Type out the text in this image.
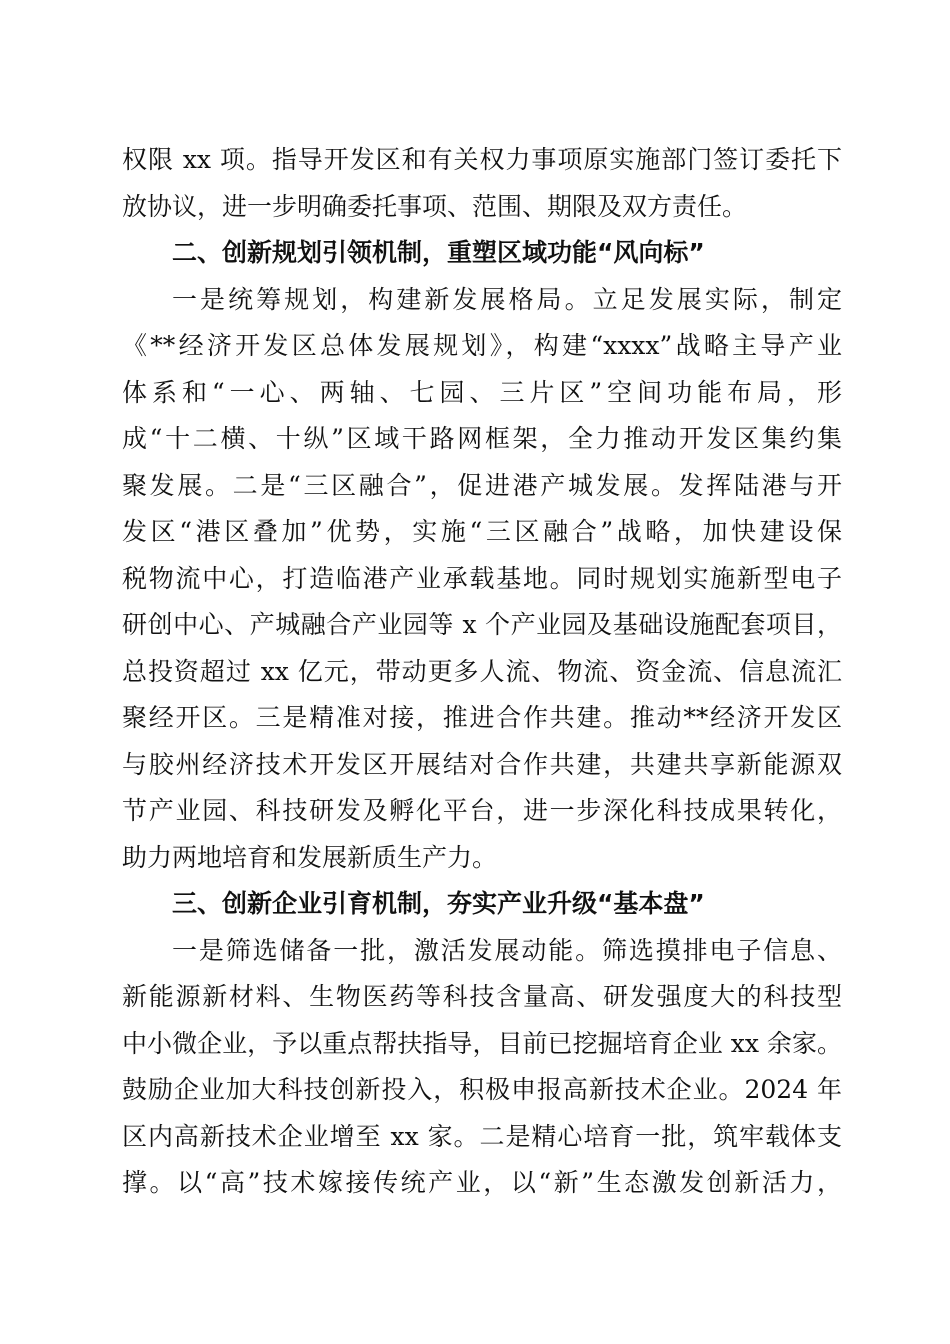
权限 xx 项。指导开发区和有关权力事项原实施部门签订委托下
放协议，进一步明确委托事项、范围、期限及双方责任。
二、创新规划引领机制，重塑区域功能“风向标”
一是统筹规划，构建新发展格局。立足发展实际，制定
《**经济开发区总体发展规划》，构建“xxxx”战略主导产业
体系和“一心、两轴、七园、三片区”空间功能布局，形
成“十二横、十纵”区域干路网框架，全力推动开发区集约集
聚发展。二是“三区融合”，促进港产城发展。发挥陆港与开
发区“港区叠加”优势，实施“三区融合”战略，加快建设保
税物流中心，打造临港产业承载基地。同时规划实施新型电子
研创中心、产城融合产业园等 x 个产业园及基础设施配套项目，
总投资超过 xx 亿元，带动更多人流、物流、资金流、信息流汇
聚经开区。三是精准对接，推进合作共建。推动**经济开发区
与胶州经济技术开发区开展结对合作共建，共建共享新能源双
节产业园、科技研发及孵化平台，进一步深化科技成果转化，
助力两地培育和发展新质生产力。
三、创新企业引育机制，夯实产业升级“基本盘”
一是筛选储备一批，激活发展动能。筛选摸排电子信息、
新能源新材料、生物医药等科技含量高、研发强度大的科技型
中小微企业，予以重点帮扶指导，目前已挖掘培育企业 xx 余家。
鼓励企业加大科技创新投入，积极申报高新技术企业。2024 年
区内高新技术企业增至 xx 家。二是精心培育一批，筑牢载体支
撑。以“高”技术嫁接传统产业，以“新”生态激发创新活力，
